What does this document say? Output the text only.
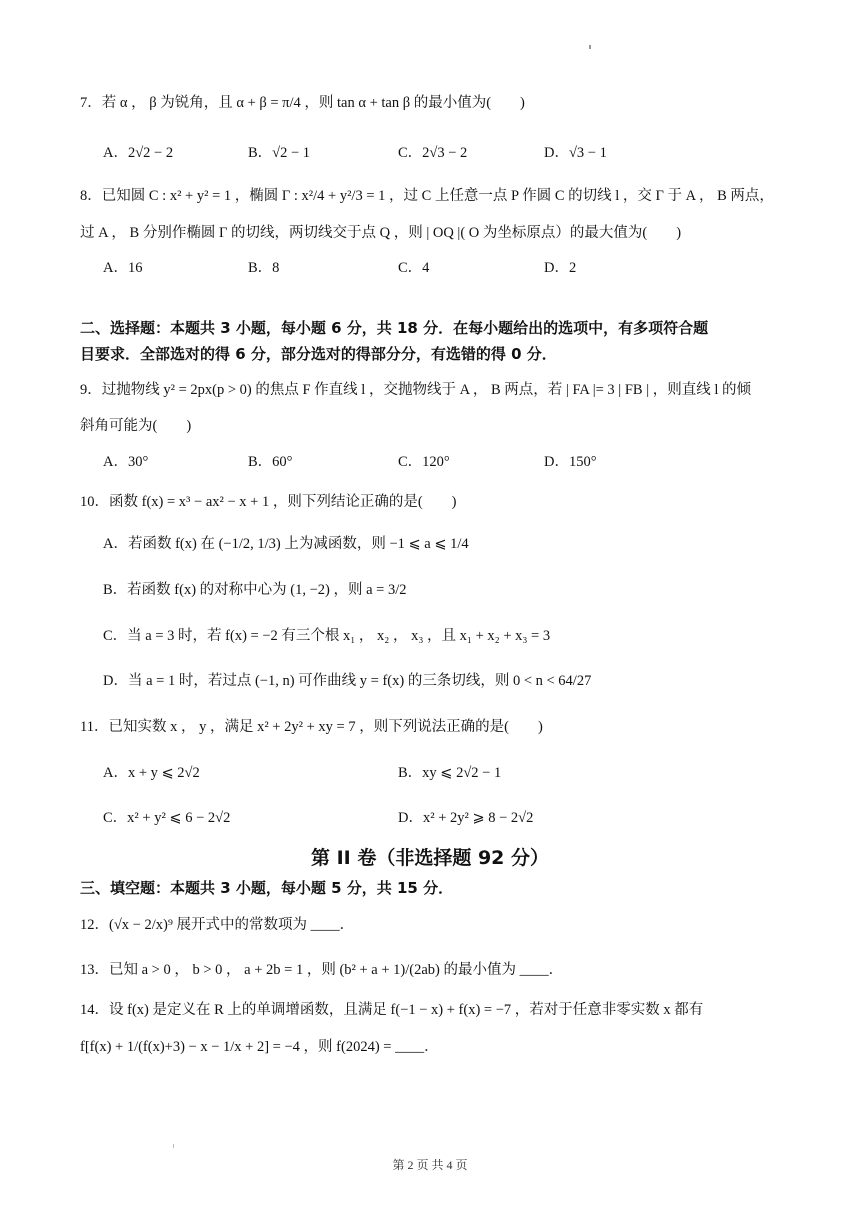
7．若 α ， β 为锐角，且 α + β = π/4 ，则 tan α + tan β 的最小值为(　　)
A．2√2 − 2	B．√2 − 1	C．2√3 − 2	D．√3 − 1
8．已知圆 C : x² + y² = 1 ，椭圆 Γ : x²/4 + y²/3 = 1 ，过 C 上任意一点 P 作圆 C 的切线 l ，交 Γ 于 A ， B 两点，
过 A ， B 分别作椭圆 Γ 的切线，两切线交于点 Q ，则 | OQ |( O 为坐标原点）的最大值为(　　)
A．16	B．8	C．4	D．2
二、选择题：本题共 3 小题，每小题 6 分，共 18 分．在每小题给出的选项中，有多项符合题
目要求．全部选对的得 6 分，部分选对的得部分分，有选错的得 0 分．
9．过抛物线 y² = 2px(p > 0) 的焦点 F 作直线 l ，交抛物线于 A ， B 两点，若 | FA |= 3 | FB | ，则直线 l 的倾
斜角可能为(　　)
A．30°	B．60°	C．120°	D．150°
10．函数 f(x) = x³ − ax² − x + 1 ，则下列结论正确的是(　　)
A．若函数 f(x) 在 (−1/2, 1/3) 上为减函数，则 −1 ⩽ a ⩽ 1/4
B．若函数 f(x) 的对称中心为 (1, −2) ，则 a = 3/2
C．当 a = 3 时，若 f(x) = −2 有三个根 x₁ ， x₂ ， x₃ ，且 x₁ + x₂ + x₃ = 3
D．当 a = 1 时，若过点 (−1, n) 可作曲线 y = f(x) 的三条切线，则 0 < n < 64/27
11．已知实数 x ， y ，满足 x² + 2y² + xy = 7 ，则下列说法正确的是(　　)
A．x + y ⩽ 2√2	B．xy ⩽ 2√2 − 1
C．x² + y² ⩽ 6 − 2√2	D．x² + 2y² ⩾ 8 − 2√2
第 II 卷（非选择题 92 分）
三、填空题：本题共 3 小题，每小题 5 分，共 15 分．
12．(√x − 2/x)⁹ 展开式中的常数项为 ____．
13．已知 a > 0 ， b > 0 ， a + 2b = 1 ，则 (b² + a + 1)/(2ab) 的最小值为 ____．
14．设 f(x) 是定义在 R 上的单调增函数，且满足 f(−1 − x) + f(x) = −7 ，若对于任意非零实数 x 都有
f[f(x) + 1/(f(x)+3) − x − 1/x + 2] = −4 ，则 f(2024) = ____．
第 2 页 共 4 页
